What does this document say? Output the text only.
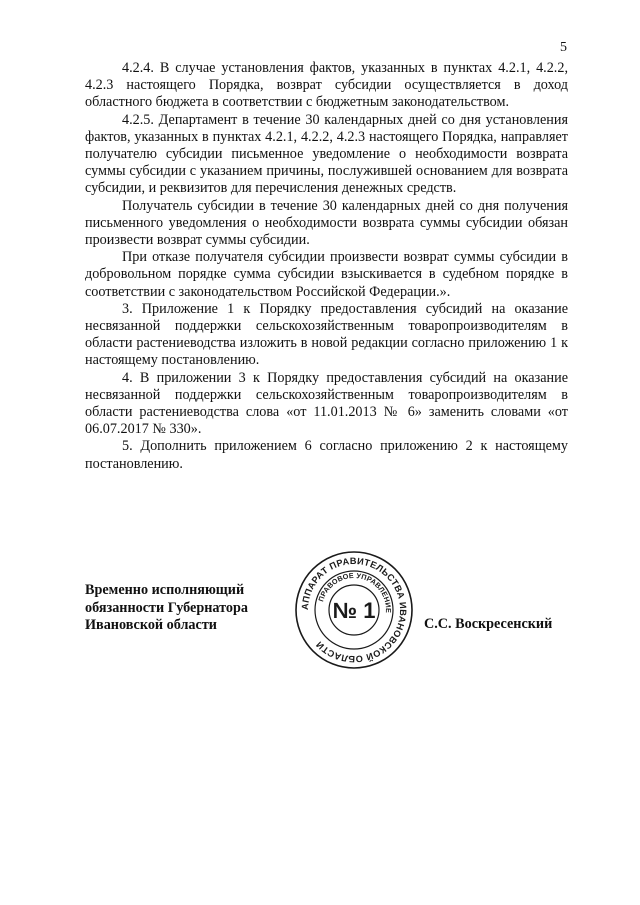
5

4.2.4. В случае установления фактов, указанных в пунктах 4.2.1, 4.2.2, 4.2.3 настоящего Порядка, возврат субсидии осуществляется в доход областного бюджета в соответствии с бюджетным законодательством.

4.2.5. Департамент в течение 30 календарных дней со дня установления фактов, указанных в пунктах 4.2.1, 4.2.2, 4.2.3 настоящего Порядка, направляет получателю субсидии письменное уведомление о необходимости возврата суммы субсидии с указанием причины, послужившей основанием для возврата субсидии, и реквизитов для перечисления денежных средств.

Получатель субсидии в течение 30 календарных дней со дня получения письменного уведомления о необходимости возврата суммы субсидии обязан произвести возврат суммы субсидии.

При отказе получателя субсидии произвести возврат суммы субсидии в добровольном порядке сумма субсидии взыскивается в судебном порядке в соответствии с законодательством Российской Федерации.».

3. Приложение 1 к Порядку предоставления субсидий на оказание несвязанной поддержки сельскохозяйственным товаропроизводителям в области растениеводства изложить в новой редакции согласно приложению 1 к настоящему постановлению.

4. В приложении 3 к Порядку предоставления субсидий на оказание несвязанной поддержки сельскохозяйственным товаропроизводителям в области растениеводства слова «от 11.01.2013 № 6» заменить словами «от 06.07.2017 № 330».

5. Дополнить приложением 6 согласно приложению 2 к настоящему постановлению.

Временно исполняющий
обязанности Губернатора
Ивановской области
АППАРАТ ПРАВИТЕЛЬСТВА ИВАНОВСКОЙ ОБЛАСТИ
ПРАВОВОЕ УПРАВЛЕНИЕ
№ 1
С.С. Воскресенский
